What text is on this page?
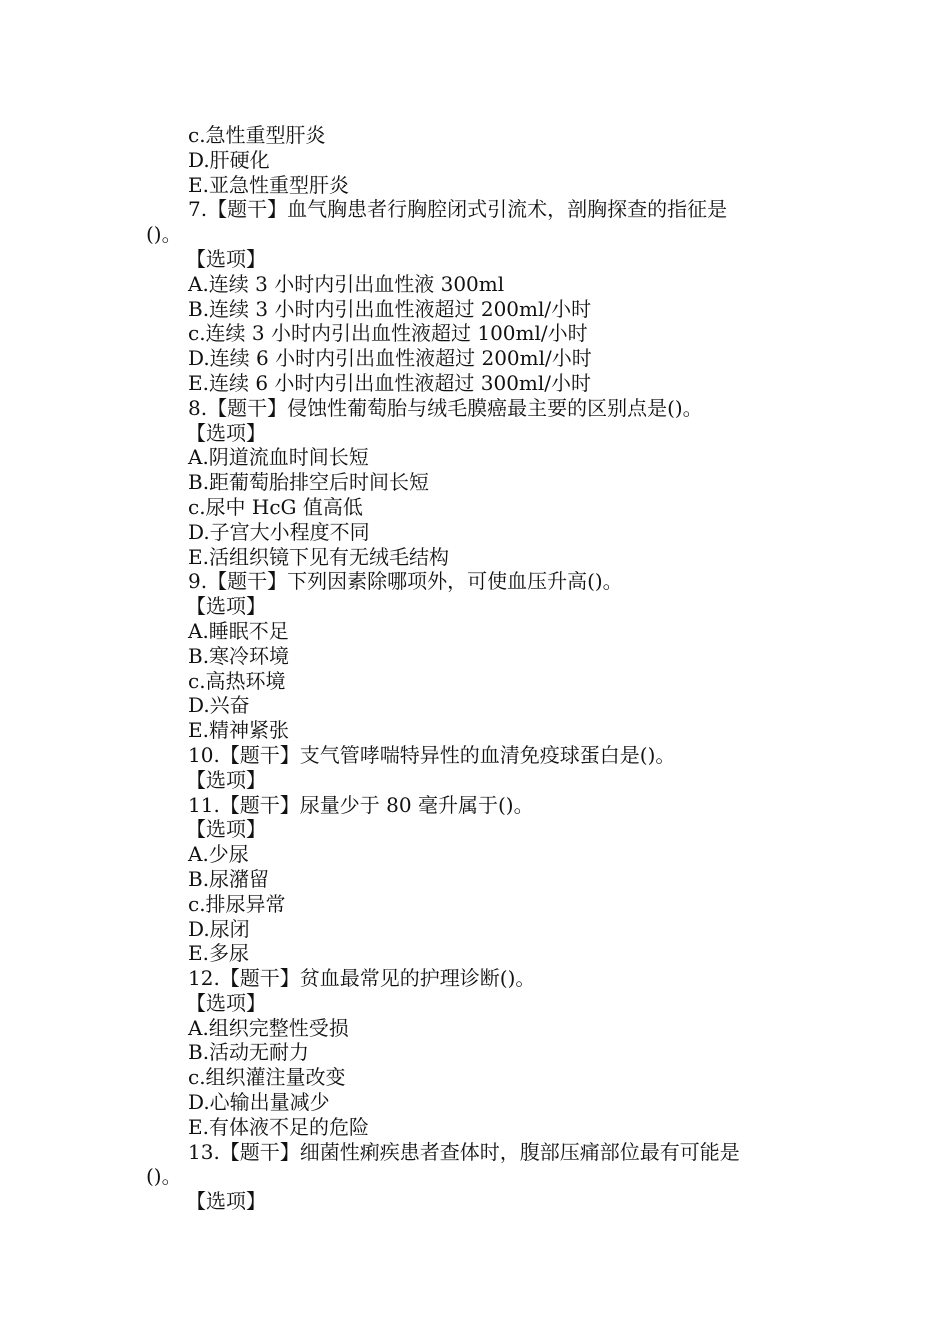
c.急性重型肝炎
D.肝硬化
E.亚急性重型肝炎
7.【题干】血气胸患者行胸腔闭式引流术，剖胸探查的指征是
()。
【选项】
A.连续 3 小时内引出血性液 300ml
B.连续 3 小时内引出血性液超过 200ml/小时
c.连续 3 小时内引出血性液超过 100ml/小时
D.连续 6 小时内引出血性液超过 200ml/小时
E.连续 6 小时内引出血性液超过 300ml/小时
8.【题干】侵蚀性葡萄胎与绒毛膜癌最主要的区别点是()。
【选项】
A.阴道流血时间长短
B.距葡萄胎排空后时间长短
c.尿中 HcG 值高低
D.子宫大小程度不同
E.活组织镜下见有无绒毛结构
9.【题干】下列因素除哪项外，可使血压升高()。
【选项】
A.睡眠不足
B.寒冷环境
c.高热环境
D.兴奋
E.精神紧张
10.【题干】支气管哮喘特异性的血清免疫球蛋白是()。
【选项】
11.【题干】尿量少于 80 毫升属于()。
【选项】
A.少尿
B.尿潴留
c.排尿异常
D.尿闭
E.多尿
12.【题干】贫血最常见的护理诊断()。
【选项】
A.组织完整性受损
B.活动无耐力
c.组织灌注量改变
D.心输出量减少
E.有体液不足的危险
13.【题干】细菌性痢疾患者查体时，腹部压痛部位最有可能是
()。
【选项】
